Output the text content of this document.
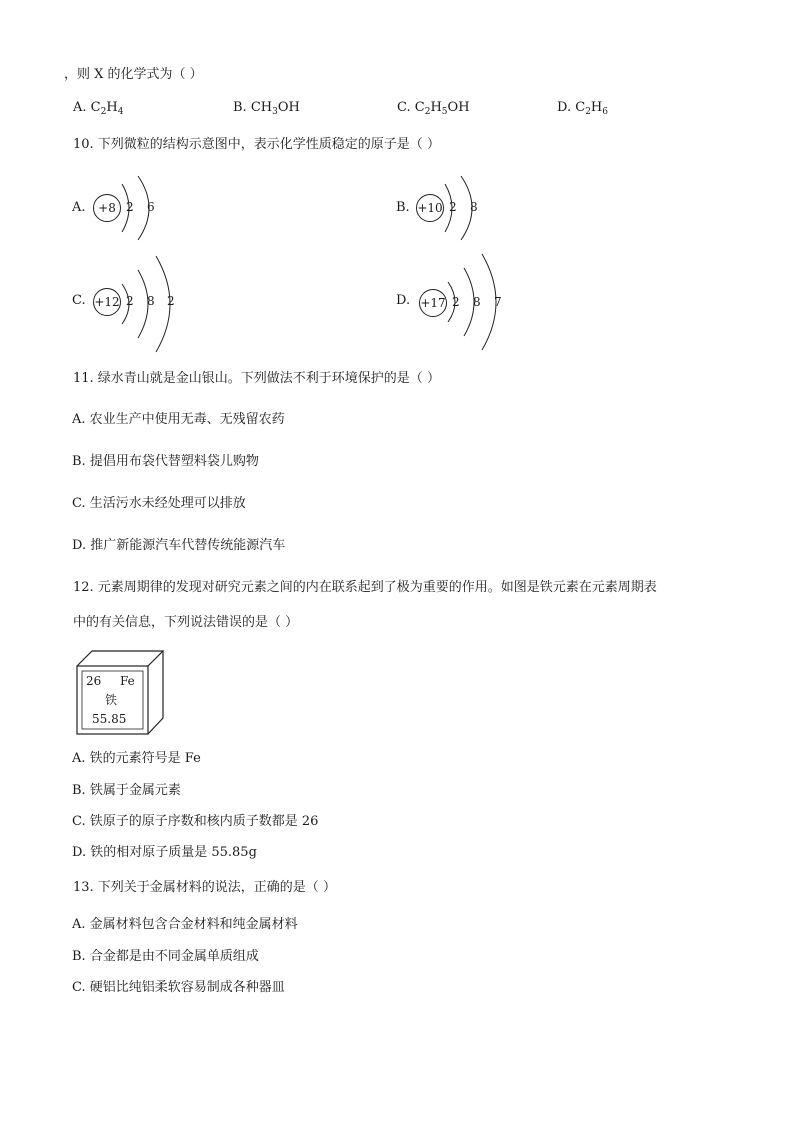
，则 X 的化学式为（ ）
A. $C_2H_4$	B. $CH_3OH$	C. $C_2H_5OH$	D. $C_2H_6$
10. 下列微粒的结构示意图中，表示化学性质稳定的原子是（ ）
A.	+8 2 6	B. +10 2 8
C. +12 2 8 2	D. +17 2 8 7
11. 绿水青山就是金山银山。下列做法不利于环境保护的是（ ）
A. 农业生产中使用无毒、无残留农药
B. 提倡用布袋代替塑料袋儿购物
C. 生活污水未经处理可以排放
D. 推广新能源汽车代替传统能源汽车
12. 元素周期律的发现对研究元素之间的内在联系起到了极为重要的作用。如图是铁元素在元素周期表
中的有关信息，下列说法错误的是（ ）
26 Fe
铁
55.85
A. 铁的元素符号是 Fe
B. 铁属于金属元素
C. 铁原子的原子序数和核内质子数都是 26
D. 铁的相对原子质量是 55.85g
13. 下列关于金属材料的说法，正确的是（ ）
A. 金属材料包含合金材料和纯金属材料
B. 合金都是由不同金属单质组成
C. 硬铝比纯铝柔软容易制成各种器皿
